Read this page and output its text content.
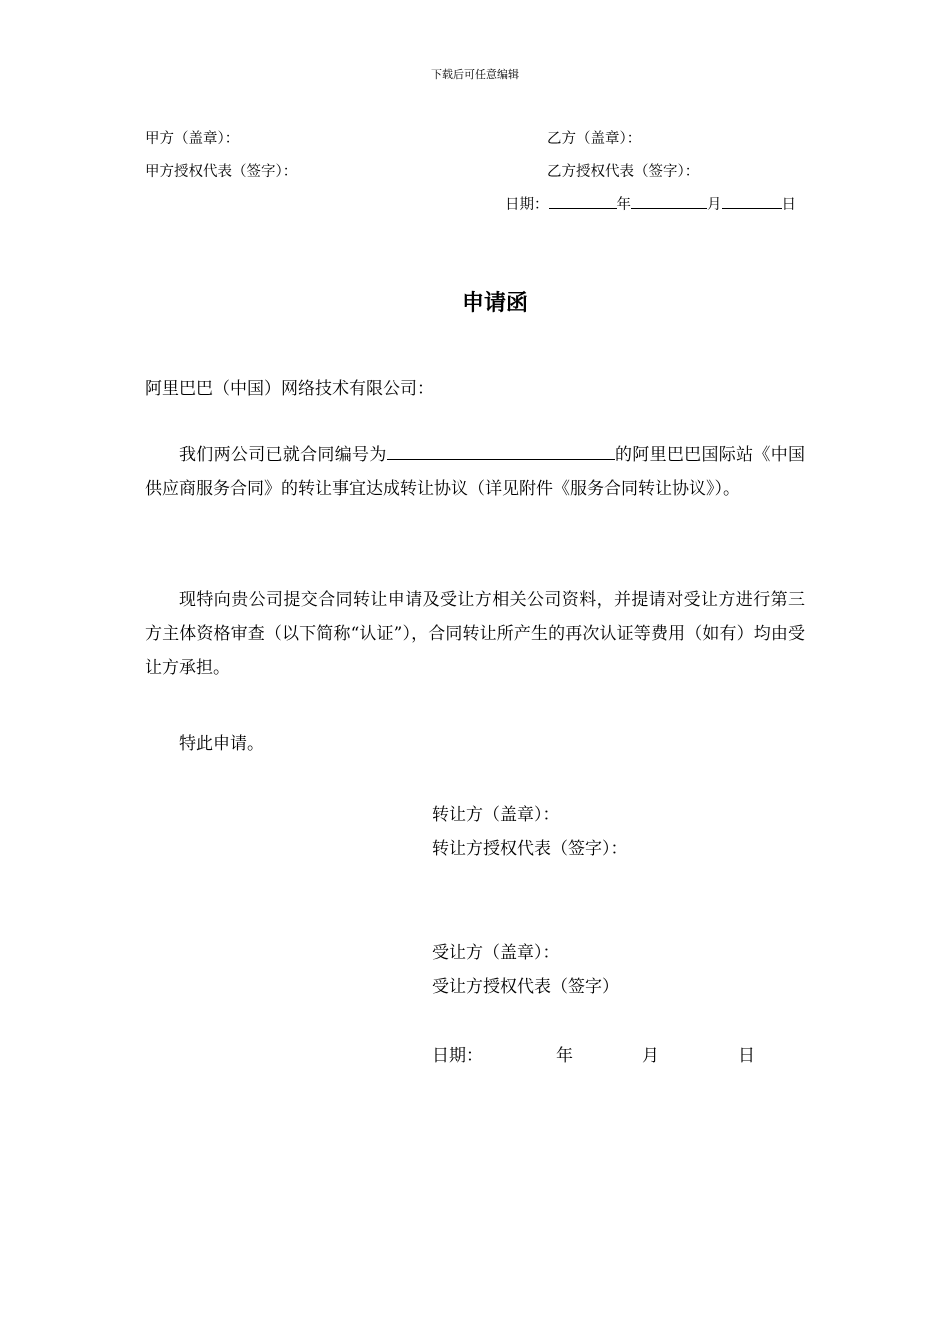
下载后可任意编辑
甲方（盖章）：
甲方授权代表（签字）：
乙方（盖章）：
乙方授权代表（签字）：
日期：	年	月	日
申请函
阿里巴巴（中国）网络技术有限公司：
我们两公司已就合同编号为	的阿里巴巴国际站《中国供应商服务合同》的转让事宜达成转让协议（详见附件《服务合同转让协议》）。
现特向贵公司提交合同转让申请及受让方相关公司资料，并提请对受让方进行第三方主体资格审查（以下简称“认证”），合同转让所产生的再次认证等费用（如有）均由受让方承担。
特此申请。
转让方（盖章）：
转让方授权代表（签字）：
受让方（盖章）：
受让方授权代表（签字）
日期：	年	月	日
